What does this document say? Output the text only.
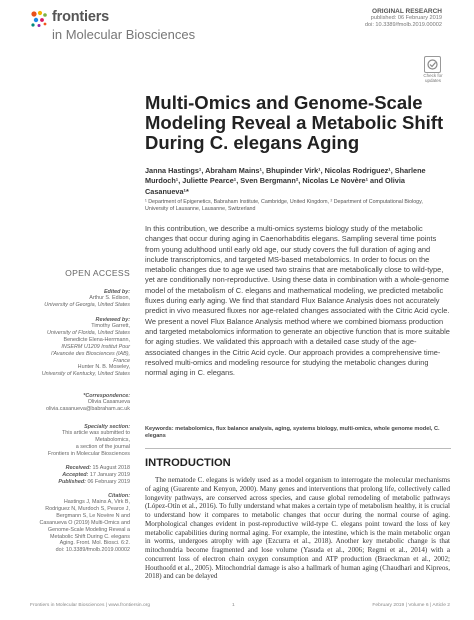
frontiers
in Molecular Biosciences
ORIGINAL RESEARCH
published: 06 February 2019
doi: 10.3389/fmolb.2019.00002
Check for updates
Multi-Omics and Genome-Scale Modeling Reveal a Metabolic Shift During C. elegans Aging
Janna Hastings¹, Abraham Mains¹, Bhupinder Virk¹, Nicolas Rodriguez¹, Sharlene Murdoch¹, Juliette Pearce¹, Sven Bergmann², Nicolas Le Novère¹ and Olivia Casanueva¹*
¹ Department of Epigenetics, Babraham Institute, Cambridge, United Kingdom, ² Department of Computational Biology, University of Lausanne, Lausanne, Switzerland
In this contribution, we describe a multi-omics systems biology study of the metabolic changes that occur during aging in Caenorhabditis elegans. Sampling several time points from young adulthood until early old age, our study covers the full duration of aging and include transcriptomics, and targeted MS-based metabolomics. In order to focus on the metabolic changes due to age we used two strains that are metabolically close to wild-type, yet are conditionally non-reproductive. Using these data in combination with a whole-genome model of the metabolism of C. elegans and mathematical modeling, we predicted metabolic fluxes during early aging. We find that standard Flux Balance Analysis does not accurately predict in vivo measured fluxes nor age-related changes associated with the Citric Acid cycle. We present a novel Flux Balance Analysis method where we combined biomass production and targeted metabolomics information to generate an objective function that is more suitable for aging studies. We validated this approach with a detailed case study of the age-associated changes in the Citric Acid cycle. Our approach provides a comprehensive time-resolved multi-omics and modeling resource for studying the metabolic changes during normal aging in C. elegans.
Keywords: metabolomics, flux balance analysis, aging, systems biology, multi-omics, whole genome model, C. elegans
INTRODUCTION
The nematode C. elegans is widely used as a model organism to interrogate the molecular mechanisms of aging (Guarente and Kenyon, 2000). Many genes and interventions that prolong life, collectively called longevity pathways, are conserved across species, and cause global remodeling of metabolic pathways (López-Otín et al., 2016). To fully understand what makes a certain type of metabolism healthy, it is crucial to understand how it compares to metabolic changes that occur during the normal course of aging. Morphological changes evident in post-reproductive wild-type C. elegans point toward the loss of key metabolic capabilities during normal aging. For example, the intestine, which is the main metabolic organ in worms, undergoes atrophy with age (Ezcurra et al., 2018). Another key metabolic change is that mitochondria become fragmented and lose volume (Yasuda et al., 2006; Regmi et al., 2014) with a concurrent loss of electron chain oxygen consumption and ATP production (Braeckman et al., 2002; Houthoofd et al., 2005). Mitochondrial damage is also a hallmark of human aging (Chaudhari and Kipreos, 2018) and can be delayed
OPEN ACCESS
Edited by:
Arthur S. Edison,
University of Georgia, United States
Reviewed by:
Timothy Garrett,
University of Florida, United States
Benedicte Elena-Herrmann,
INSERM U1209 Institut Pour
l'Avancée des Biosciences (IAB),
France
Hunter N. B. Moseley,
University of Kentucky, United States
*Correspondence:
Olivia Casanueva
olivia.casanueva@babraham.ac.uk
Specialty section:
This article was submitted to
Metabolomics,
a section of the journal
Frontiers in Molecular Biosciences
Received: 15 August 2018
Accepted: 17 January 2019
Published: 06 February 2019
Citation:
Hastings J, Mains A, Virk B,
Rodriguez N, Murdoch S, Pearce J,
Bergmann S, Le Novère N and
Casanueva O (2019) Multi-Omics and
Genome-Scale Modeling Reveal a
Metabolic Shift During C. elegans
Aging. Front. Mol. Biosci. 6:2.
doi: 10.3389/fmolb.2019.00002
Frontiers in Molecular Biosciences | www.frontiersin.org	1	February 2019 | Volume 6 | Article 2
